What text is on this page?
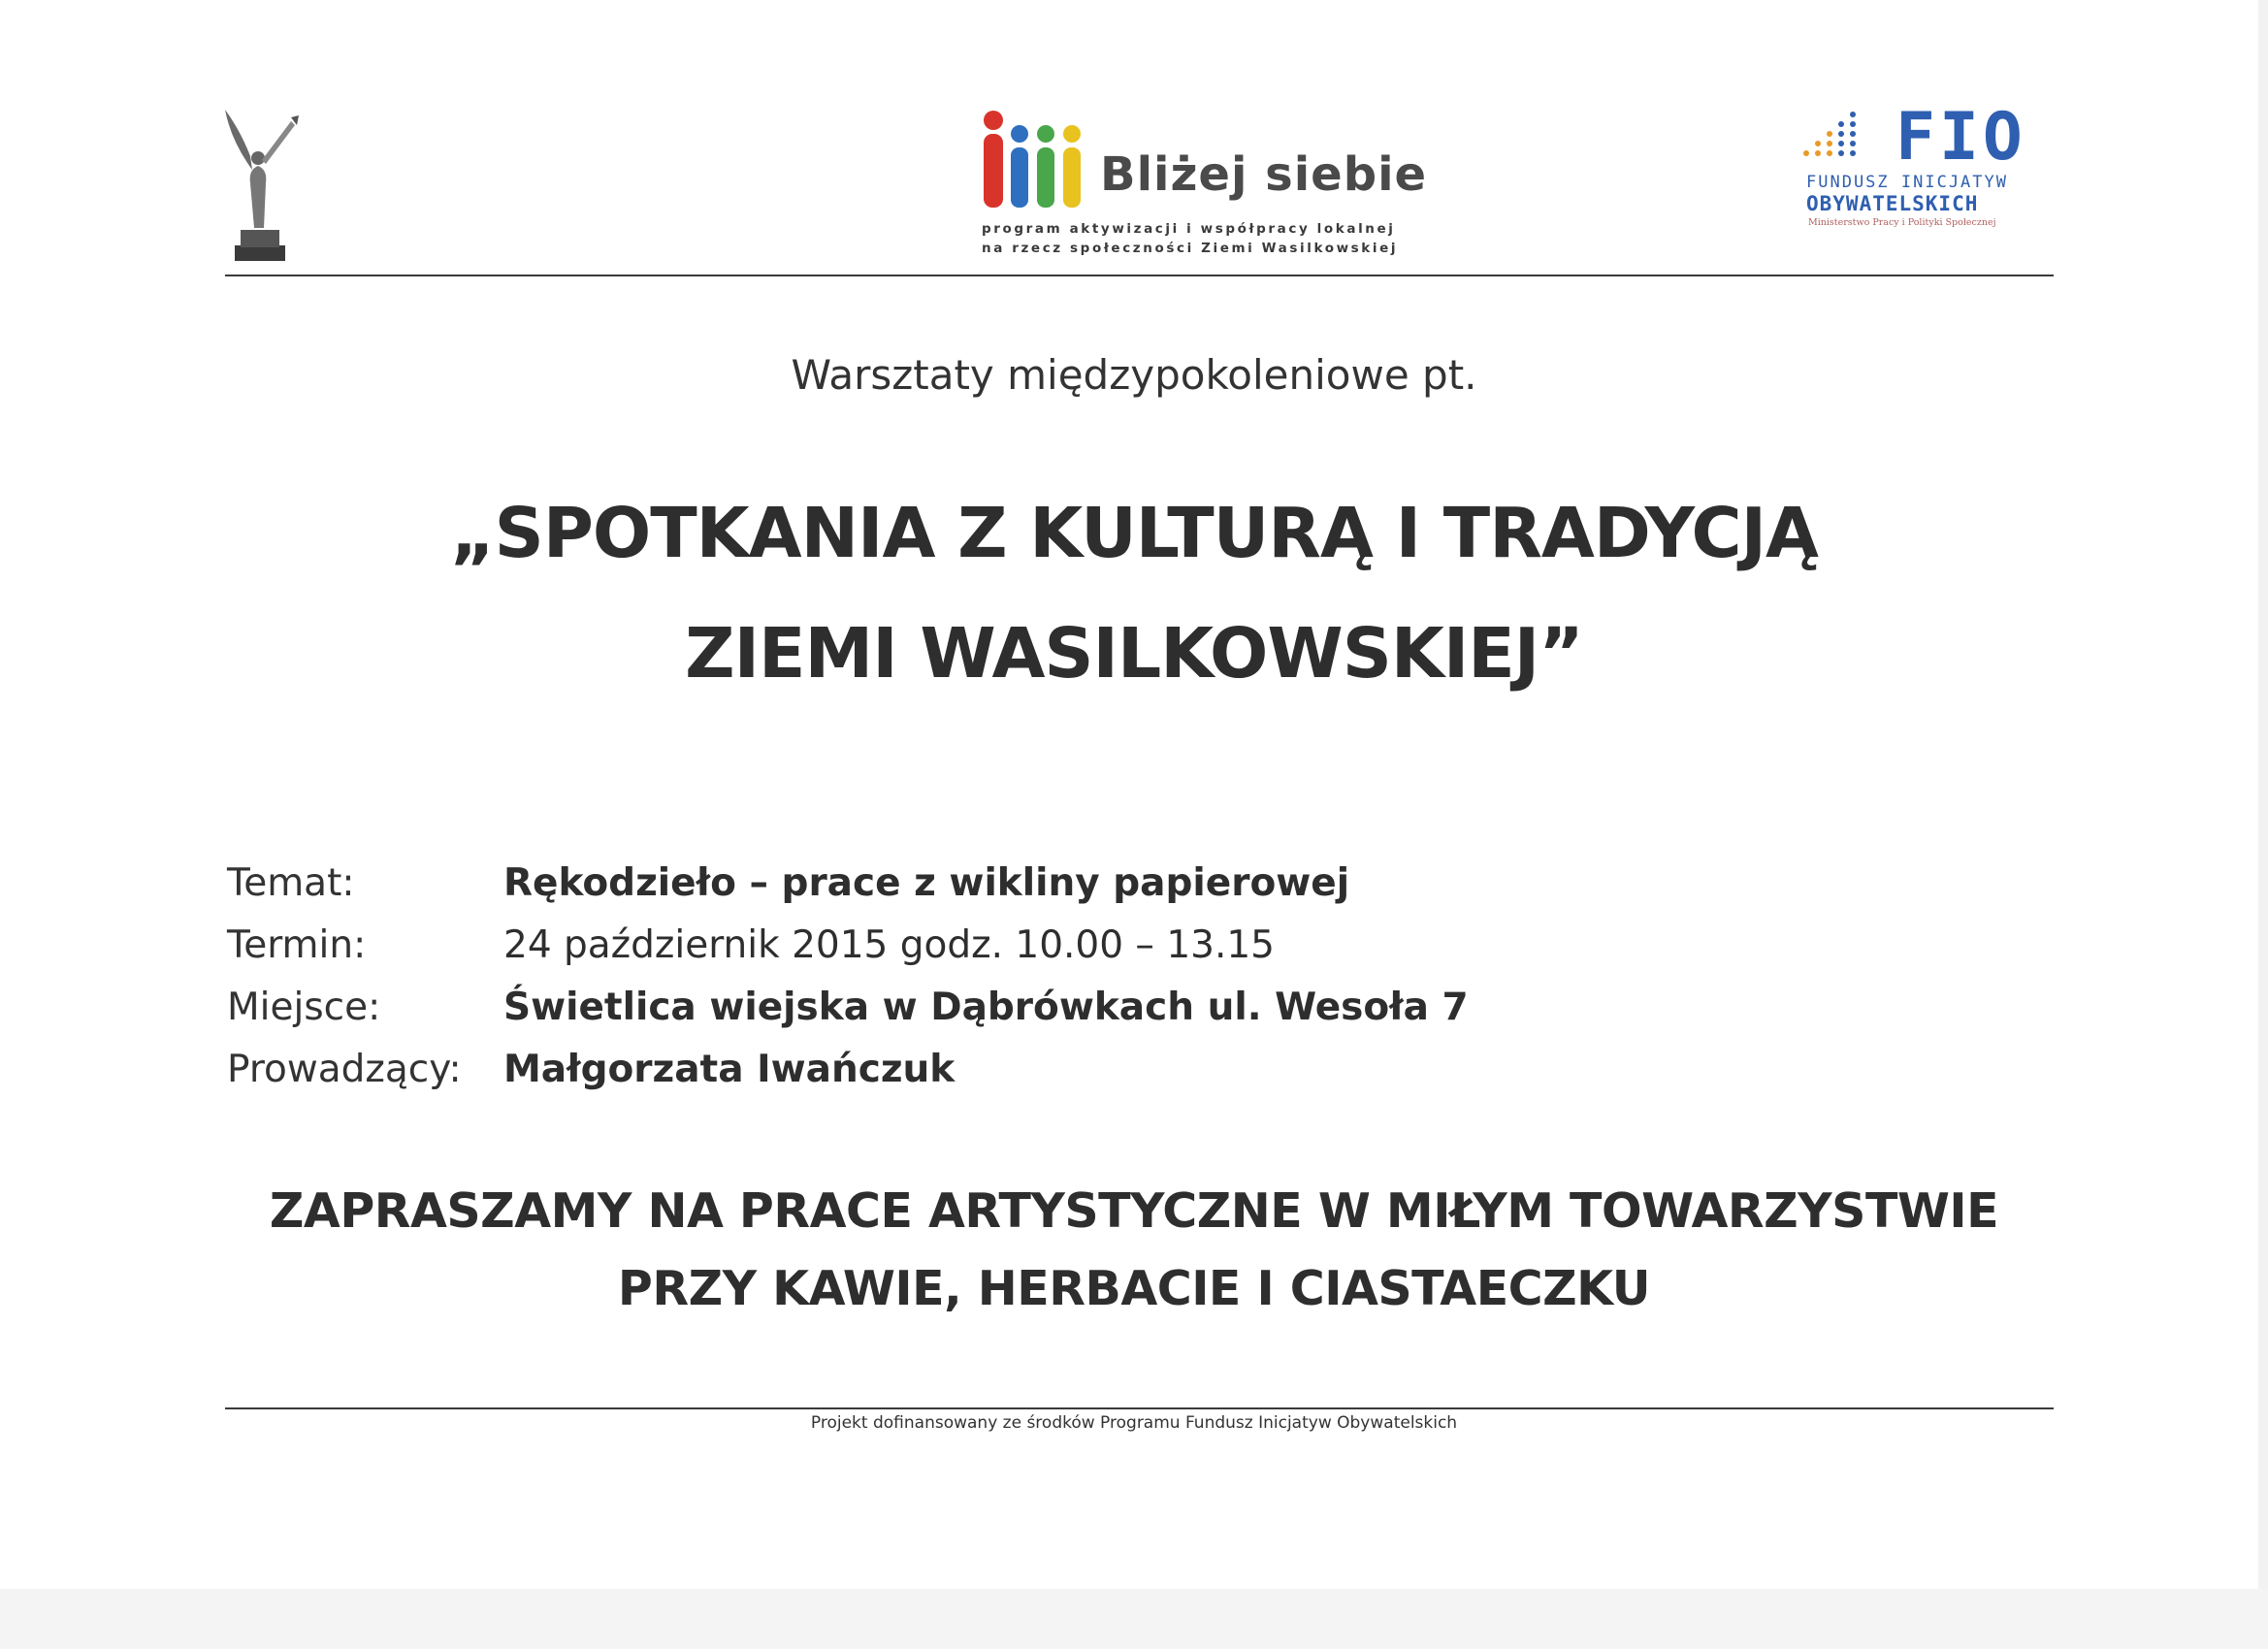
Bliżej siebie
program aktywizacji i współpracy lokalnej
na rzecz społeczności Ziemi Wasilkowskiej
FIO
FUNDUSZ INICJATYW
OBYWATELSKICH
Ministerstwo Pracy i Polityki Społecznej
Warsztaty międzypokoleniowe pt.
„SPOTKANIA Z KULTURĄ I TRADYCJĄ
ZIEMI WASILKOWSKIEJ”
Temat:	Rękodzieło – prace z wikliny papierowej
Termin:	24 październik 2015 godz. 10.00 – 13.15
Miejsce:	Świetlica wiejska w Dąbrówkach ul. Wesoła 7
Prowadzący: Małgorzata Iwańczuk
ZAPRASZAMY NA PRACE ARTYSTYCZNE W MIŁYM TOWARZYSTWIE
PRZY KAWIE, HERBACIE I CIASTAECZKU
Projekt dofinansowany ze środków Programu Fundusz Inicjatyw Obywatelskich
